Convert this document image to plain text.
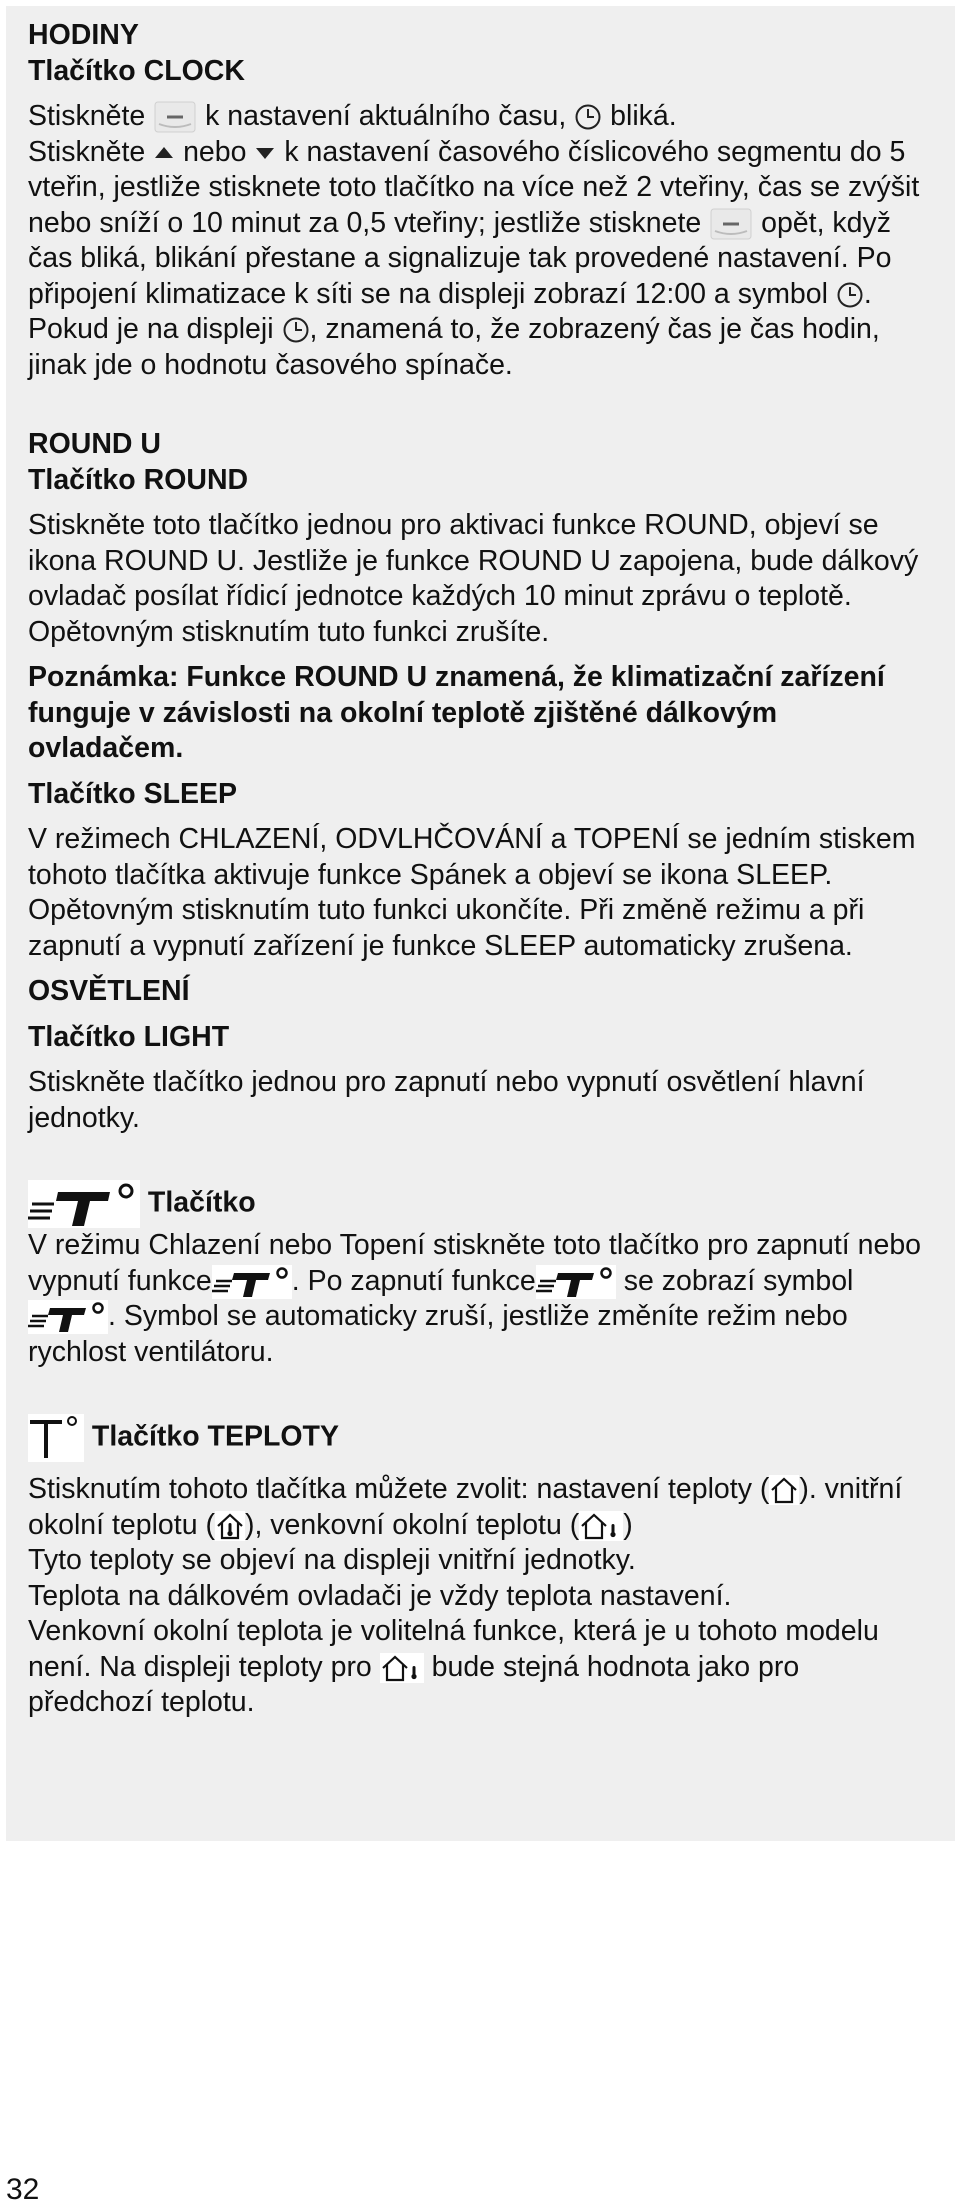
HODINY

Tlačítko CLOCK

Stiskněte k nastavení aktuálního času, bliká.
Stiskněte nebo k nastavení časového číslicového segmentu do 5 vteřin, jestliže stisknete toto tlačítko na více než 2 vteřiny, čas se zvýšit nebo sníží o 10 minut za 0,5 vteřiny; jestliže stisknete opět, když čas bliká, blikání přestane a signalizuje tak provedené nastavení. Po připojení klimatizace k síti se na displeji zobrazí 12:00 a symbol . Pokud je na displeji , znamená to, že zobrazený čas je čas hodin, jinak jde o hodnotu časového spínače.

ROUND U

Tlačítko ROUND

Stiskněte toto tlačítko jednou pro aktivaci funkce ROUND, objeví se ikona ROUND U. Jestliže je funkce ROUND U zapojena, bude dálkový ovladač posílat řídicí jednotce každých 10 minut zprávu o teplotě. Opětovným stisknutím tuto funkci zrušíte.

Poznámka: Funkce ROUND U znamená, že klimatizační zařízení funguje v závislosti na okolní teplotě zjištěné dálkovým ovladačem.

Tlačítko SLEEP

V režimech CHLAZENÍ, ODVLHČOVÁNÍ a TOPENÍ se jedním stiskem tohoto tlačítka aktivuje funkce Spánek a objeví se ikona SLEEP. Opětovným stisknutím tuto funkci ukončíte. Při změně režimu a při zapnutí a vypnutí zařízení je funkce SLEEP automaticky zrušena.

OSVĚTLENÍ

Tlačítko LIGHT

Stiskněte tlačítko jednou pro zapnutí nebo vypnutí osvětlení hlavní jednotky.

Tlačítko

V režimu Chlazení nebo Topení stiskněte toto tlačítko pro zapnutí nebo vypnutí funkce	. Po zapnutí funkce	se zobrazí symbol
. Symbol se automaticky zruší, jestliže změníte režim nebo rychlost ventilátoru.

Tlačítko TEPLOTY

Stisknutím tohoto tlačítka můžete zvolit: nastavení teploty ( ). vnitřní okolní teplotu ( ), venkovní okolní teplotu ( )
Tyto teploty se objeví na displeji vnitřní jednotky.
Teplota na dálkovém ovladači je vždy teplota nastavení.
Venkovní okolní teplota je volitelná funkce, která je u tohoto modelu není. Na displeji teploty pro bude stejná hodnota jako pro předchozí teplotu.

32
